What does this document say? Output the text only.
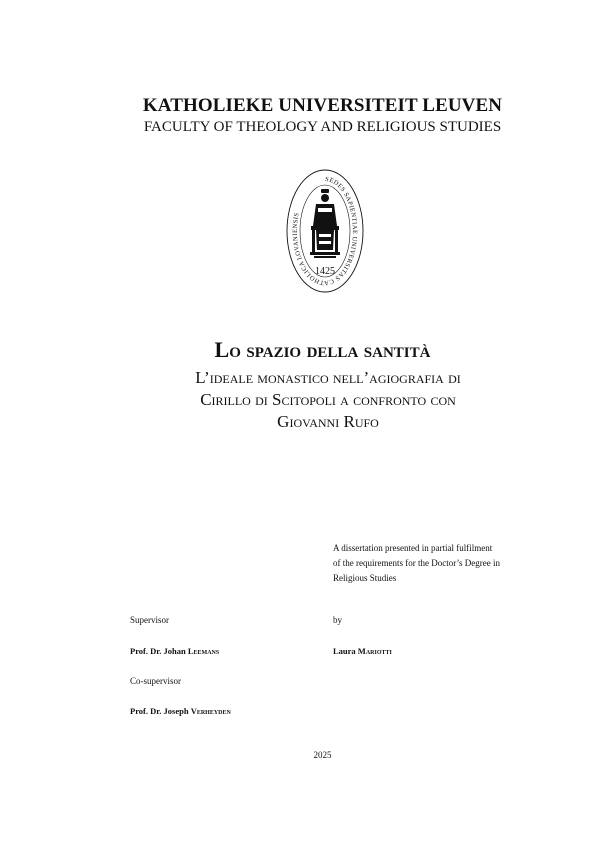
KATHOLIEKE UNIVERSITEIT LEUVEN
FACULTY OF THEOLOGY AND RELIGIOUS STUDIES
SEDES SAPIENTIAE UNIVERSITAS CATHOLICA LOVANIENSIS
1425
Lo spazio della santità
L’ideale monastico nell’agiografia di
Cirillo di Scitopoli a confronto con
Giovanni Rufo
A dissertation presented in partial fulfilment
of the requirements for the Doctor’s Degree in
Religious Studies
Supervisor	by
Prof. Dr. Johan Leemans	Laura Mariotti
Co-supervisor
Prof. Dr. Joseph Verheyden
2025
